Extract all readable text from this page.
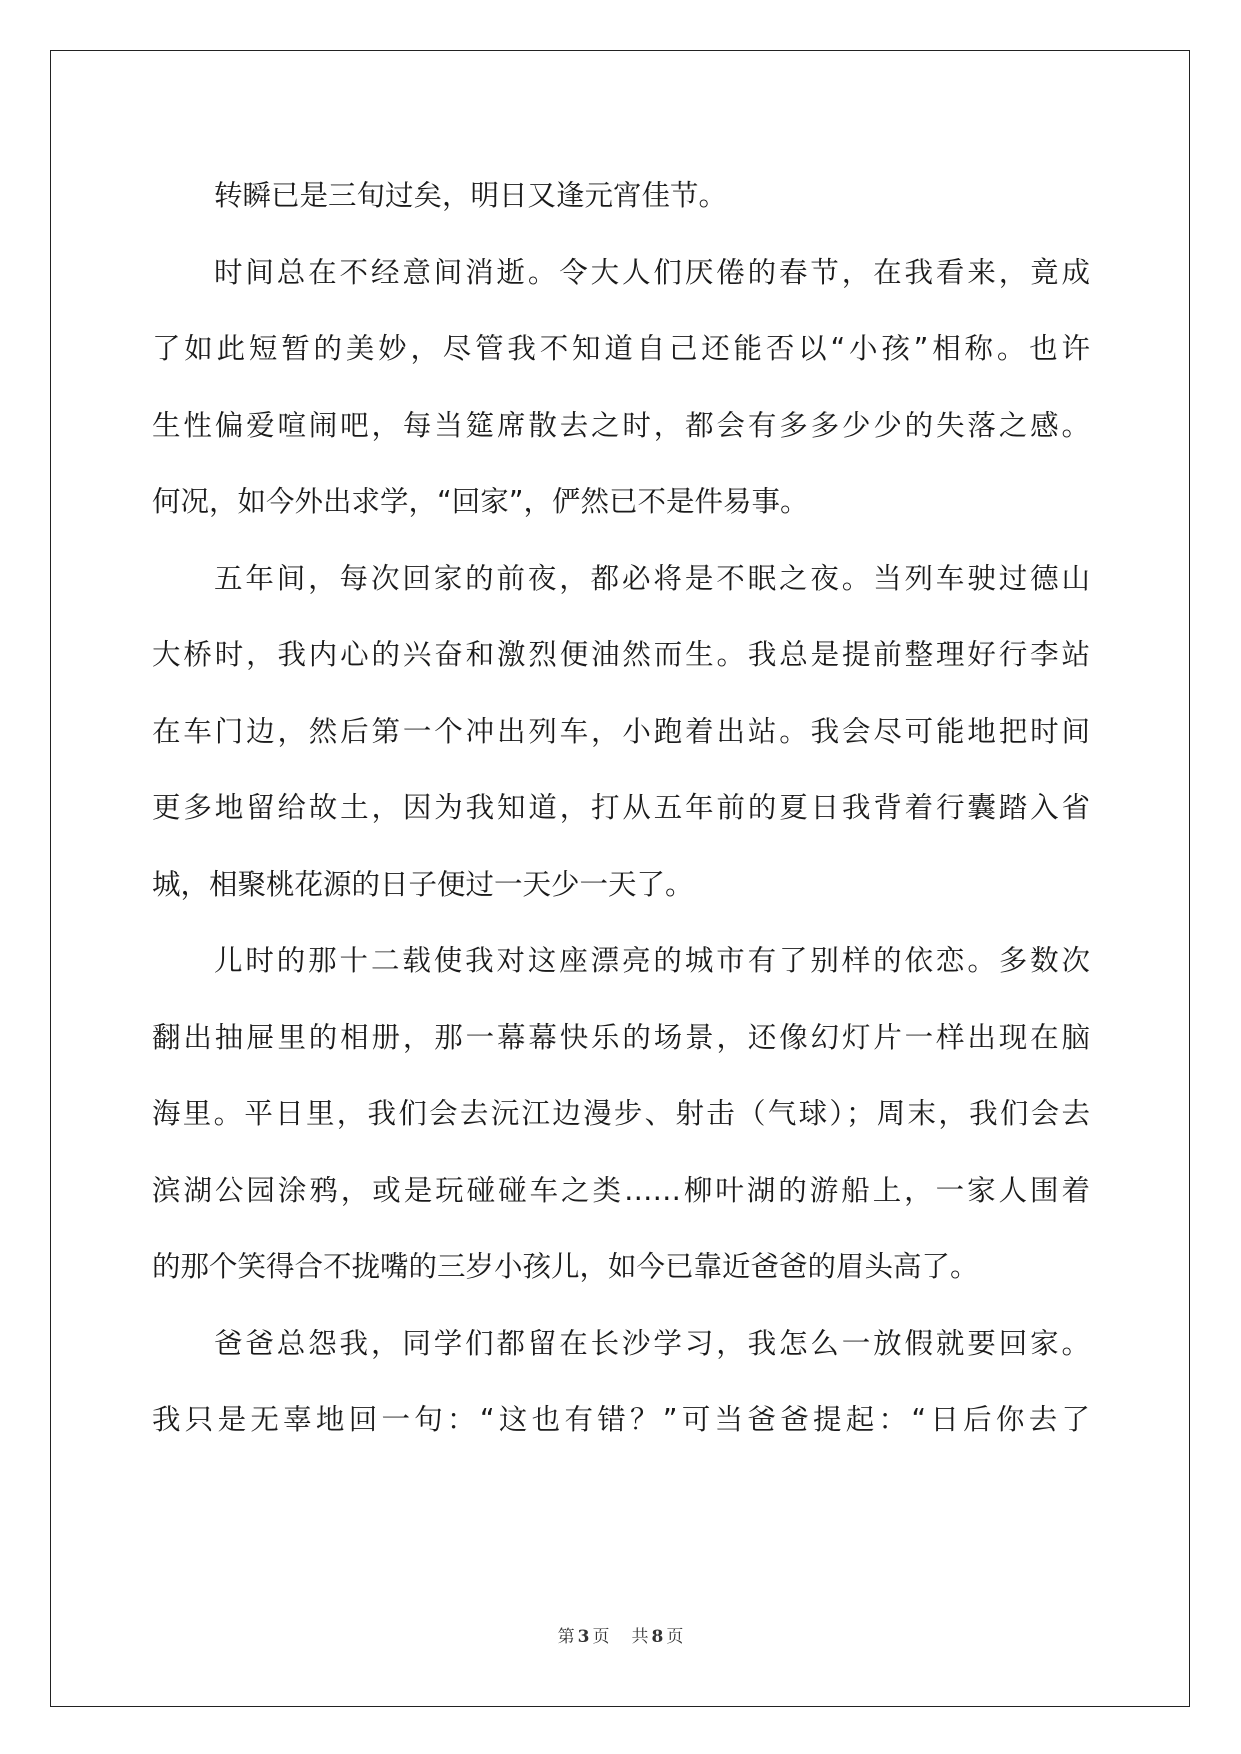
转瞬已是三旬过矣，明日又逢元宵佳节。
时间总在不经意间消逝。令大人们厌倦的春节，在我看来，竟成
了如此短暂的美妙，尽管我不知道自己还能否以“小孩”相称。也许
生性偏爱喧闹吧，每当筵席散去之时，都会有多多少少的失落之感。
何况，如今外出求学，“回家”，俨然已不是件易事。
五年间，每次回家的前夜，都必将是不眠之夜。当列车驶过德山
大桥时，我内心的兴奋和激烈便油然而生。我总是提前整理好行李站
在车门边，然后第一个冲出列车，小跑着出站。我会尽可能地把时间
更多地留给故土，因为我知道，打从五年前的夏日我背着行囊踏入省
城，相聚桃花源的日子便过一天少一天了。
儿时的那十二载使我对这座漂亮的城市有了别样的依恋。多数次
翻出抽屉里的相册，那一幕幕快乐的场景，还像幻灯片一样出现在脑
海里。平日里，我们会去沅江边漫步、射击（气球）；周末，我们会去
滨湖公园涂鸦，或是玩碰碰车之类……柳叶湖的游船上，一家人围着
的那个笑得合不拢嘴的三岁小孩儿，如今已靠近爸爸的眉头高了。
爸爸总怨我，同学们都留在长沙学习，我怎么一放假就要回家。
我只是无辜地回一句：“这也有错？”可当爸爸提起：“日后你去了
第 3 页 共 8 页
